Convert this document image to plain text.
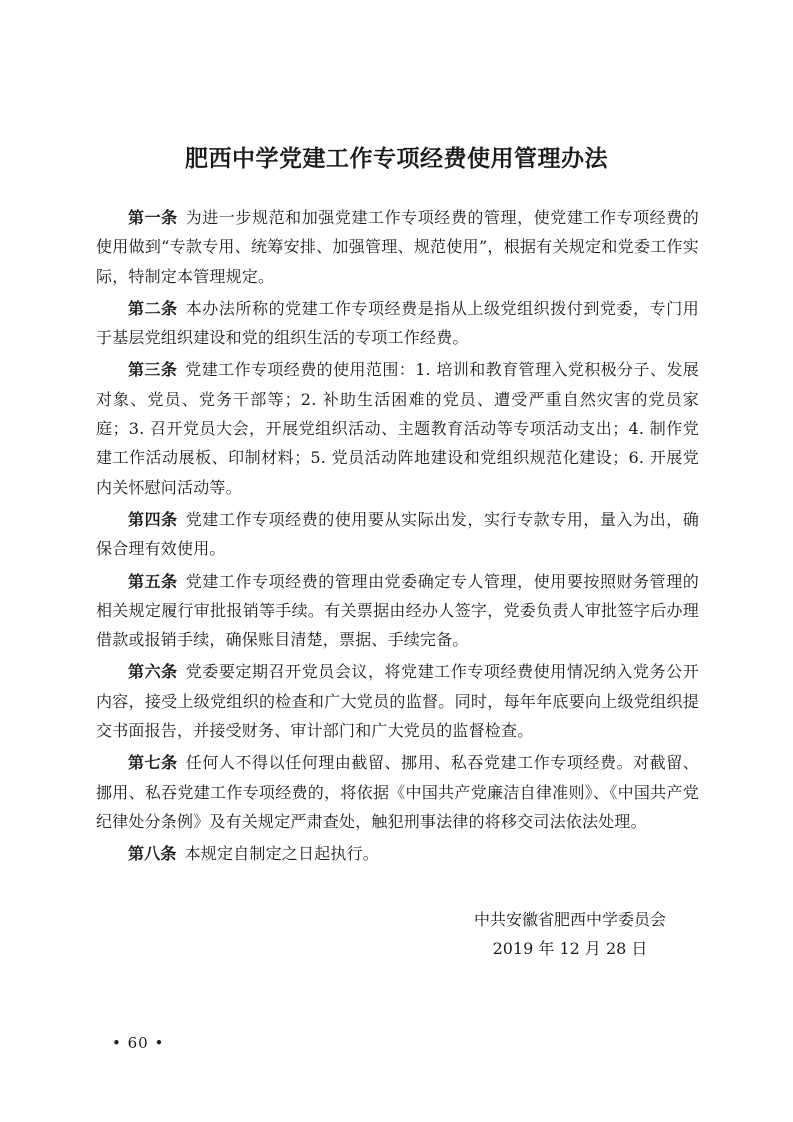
肥西中学党建工作专项经费使用管理办法

第一条 为进一步规范和加强党建工作专项经费的管理，使党建工作专项经费的使用做到“专款专用、统筹安排、加强管理、规范使用”，根据有关规定和党委工作实际，特制定本管理规定。

第二条 本办法所称的党建工作专项经费是指从上级党组织拨付到党委，专门用于基层党组织建设和党的组织生活的专项工作经费。

第三条 党建工作专项经费的使用范围：1. 培训和教育管理入党积极分子、发展对象、党员、党务干部等；2. 补助生活困难的党员、遭受严重自然灾害的党员家庭；3. 召开党员大会，开展党组织活动、主题教育活动等专项活动支出；4. 制作党建工作活动展板、印制材料；5. 党员活动阵地建设和党组织规范化建设；6. 开展党内关怀慰问活动等。

第四条 党建工作专项经费的使用要从实际出发，实行专款专用，量入为出，确保合理有效使用。

第五条 党建工作专项经费的管理由党委确定专人管理，使用要按照财务管理的相关规定履行审批报销等手续。有关票据由经办人签字，党委负责人审批签字后办理借款或报销手续，确保账目清楚，票据、手续完备。

第六条 党委要定期召开党员会议，将党建工作专项经费使用情况纳入党务公开内容，接受上级党组织的检查和广大党员的监督。同时，每年年底要向上级党组织提交书面报告，并接受财务、审计部门和广大党员的监督检查。

第七条 任何人不得以任何理由截留、挪用、私吞党建工作专项经费。对截留、挪用、私吞党建工作专项经费的，将依据《中国共产党廉洁自律准则》、《中国共产党纪律处分条例》及有关规定严肃查处，触犯刑事法律的将移交司法依法处理。

第八条 本规定自制定之日起执行。

中共安徽省肥西中学委员会
2019 年 12 月 28 日
• 60 •
